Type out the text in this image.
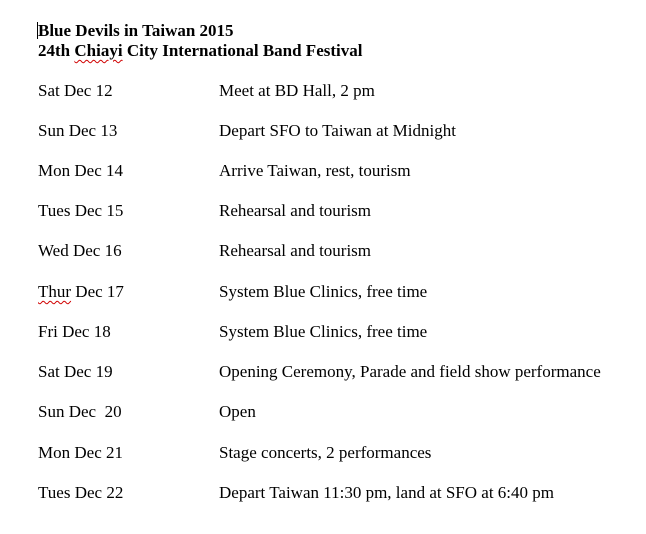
Blue Devils in Taiwan 2015
24th Chiayi City International Band Festival
Sat Dec 12	Meet at BD Hall, 2 pm
Sun Dec 13	Depart SFO to Taiwan at Midnight
Mon Dec 14	Arrive Taiwan, rest, tourism
Tues Dec 15	Rehearsal and tourism
Wed Dec 16	Rehearsal and tourism
Thur Dec 17	System Blue Clinics, free time
Fri Dec 18	System Blue Clinics, free time
Sat Dec 19	Opening Ceremony, Parade and field show performance
Sun Dec  20	Open
Mon Dec 21	Stage concerts, 2 performances
Tues Dec 22	Depart Taiwan 11:30 pm, land at SFO at 6:40 pm
